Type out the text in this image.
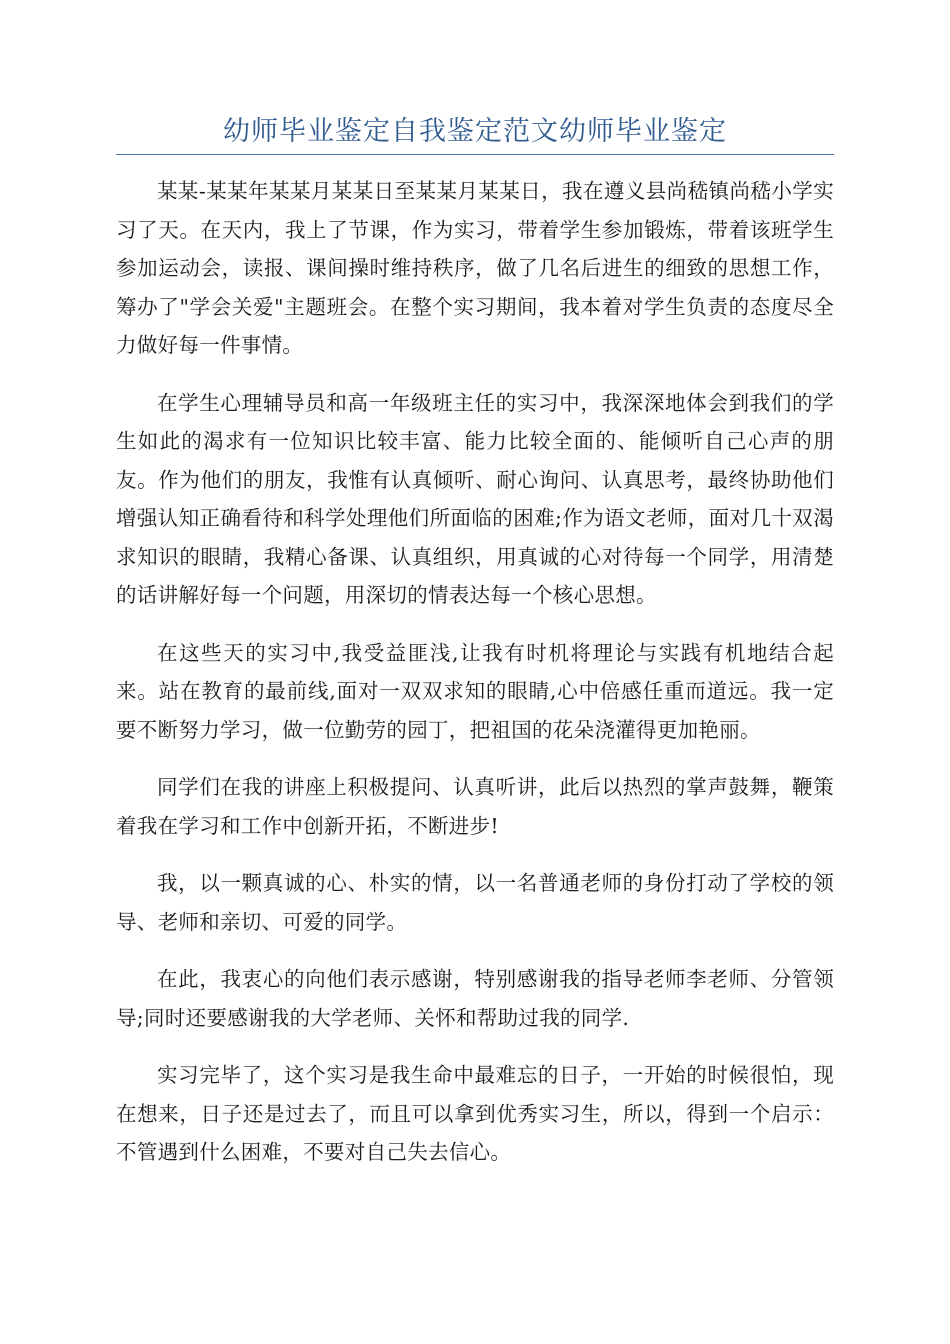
幼师毕业鉴定自我鉴定范文幼师毕业鉴定

某某-某某年某某月某某日至某某月某某日，我在遵义县尚嵇镇尚嵇小学实习了天。在天内，我上了节课，作为实习，带着学生参加锻炼，带着该班学生参加运动会，读报、课间操时维持秩序，做了几名后进生的细致的思想工作，筹办了"学会关爱"主题班会。在整个实习期间，我本着对学生负责的态度尽全力做好每一件事情。

在学生心理辅导员和高一年级班主任的实习中，我深深地体会到我们的学生如此的渴求有一位知识比较丰富、能力比较全面的、能倾听自己心声的朋友。作为他们的朋友，我惟有认真倾听、耐心询问、认真思考，最终协助他们增强认知正确看待和科学处理他们所面临的困难;作为语文老师，面对几十双渴求知识的眼睛，我精心备课、认真组织，用真诚的心对待每一个同学，用清楚的话讲解好每一个问题，用深切的情表达每一个核心思想。

在这些天的实习中,我受益匪浅,让我有时机将理论与实践有机地结合起来。站在教育的最前线,面对一双双求知的眼睛,心中倍感任重而道远。我一定要不断努力学习，做一位勤劳的园丁，把祖国的花朵浇灌得更加艳丽。

同学们在我的讲座上积极提问、认真听讲，此后以热烈的掌声鼓舞，鞭策着我在学习和工作中创新开拓，不断进步!

我，以一颗真诚的心、朴实的情，以一名普通老师的身份打动了学校的领导、老师和亲切、可爱的同学。

在此，我衷心的向他们表示感谢，特别感谢我的指导老师李老师、分管领导;同时还要感谢我的大学老师、关怀和帮助过我的同学.

实习完毕了，这个实习是我生命中最难忘的日子，一开始的时候很怕，现在想来，日子还是过去了，而且可以拿到优秀实习生，所以，得到一个启示：不管遇到什么困难，不要对自己失去信心。
